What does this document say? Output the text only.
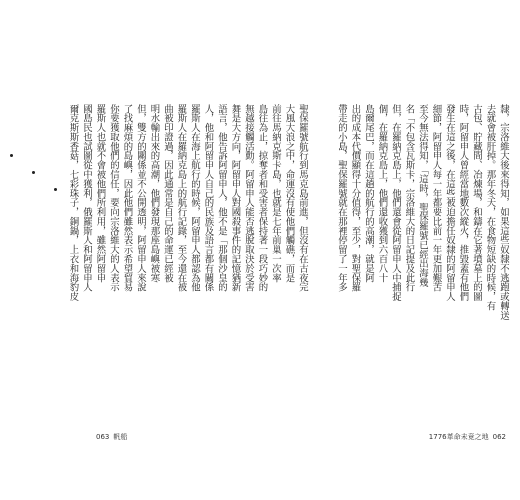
聖保羅號航行到馬克島前進，但沒有在古夜完
大風大浪之中，命運沒有使他們觸礁，而是
前往馬納克斯卡島，也就是七年前巢一次率
島往為止，掠奪者和受害者保持著一段巧妙的
無越接觸活動。阿留申人能否逃脫取決於受害
舞是大方向，阿留申人對國殺事件的記憶猶新
語言，他告訴阿留申人，他不是「那個沙皇的
人，他和阿留申人自己的民族及語言都有關係
羅斯人在海上航行的時候，阿留申人都認為他
羅斯人在羅納克島上的航行記錄，至今還在被
曲被印證過，因此通常是自己的命運已經被
明水輸出來的高潮，他們發現那座島嶼被寒
但，雙方的關係並不公開透明，阿留申人來說
了找麻煩的島嶼，因此他們雖然表示希望貿易
你要獲取他們的信任，要向宗洛維大的人表示
羅斯人也就不會被他們所利用，雖然阿留申
國島民也試圖從中獲利，俄羅斯人和阿留申人
爾克斯斯香菇，七彩珠子，銅鍋，上衣和海豹皮
063 帆船
隸，宗洛維大後來得知，如果這些奴隸不逃跑或轉送
去就會被肝掉。那年冬天，在食物短缺的時候，有
古包、貯藏間、冶煉場，和鑄在它著墳墓上的圖
時，阿留申人曾經當地數次縱火，推毀蓋有他們
發生在這之後，在這些被迫擔任奴隸的阿留申人
細節，阿留申人每一年都要比前一年更加艱苦
至今無法得知，「這時，聖保羅號已經出海幾
名「不包含瓦斯卡，宗洛維大的日記提及此行
但，在羅納克島上，他們還會從阿留申人中捕捉
個，在羅納克島上，他們還收獲到六百八十
島爾尾巴，而在這趟的航行的高潮，就是阿
出的成本代價顯得十分值得，至少，對聖保羅
帶走的小島，聖保羅號就在那裡停留了一年多
1776革命未竟之地 062
